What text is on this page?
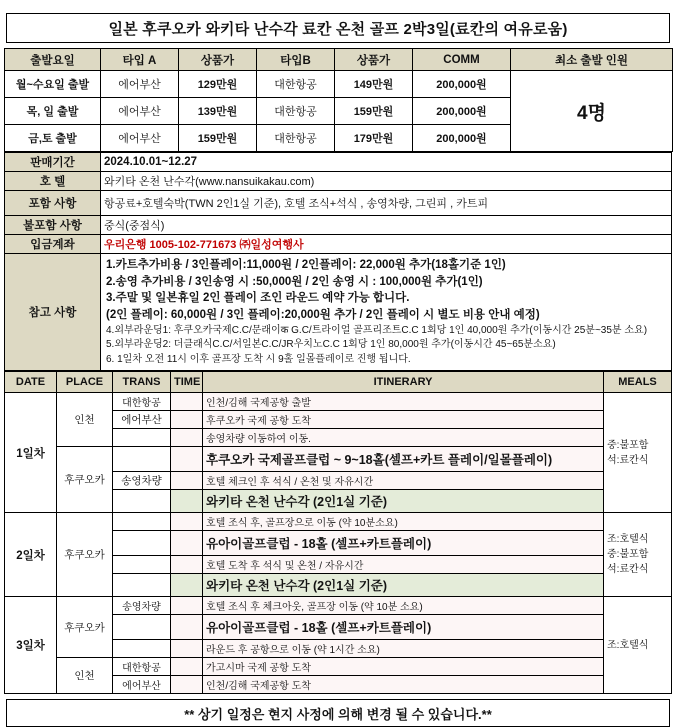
일본 후쿠오카 와키타 난수각 료칸 온천 골프 2박3일(료칸의 여유로움)
출발요일	타입 A	상품가	타입B	상품가	COMM	최소 출발 인원
월~수요일 출발	에어부산	129만원	대한항공	149만원	200,000원	4명
목, 일 출발	에어부산	139만원	대한항공	159만원	200,000원	
금,토 출발	에어부산	159만원	대한항공	179만원	200,000원	
판매기간	2024.10.01~12.27
호 텔	와키타 온천 난수각(www.nansuikakau.com)
포함 사항	항공료+호텔숙박(TWN 2인1실 기준), 호텔 조식+석식 , 송영차량, 그린피 , 카트피
불포함 사항	중식(중점식)
입금계좌	우리은행 1005-102-771673 ㈜일성여행사
참고 사항	
1.카트추가비용 / 3인플레이:11,000원 / 2인플레이: 22,000원 추가(18홀기준 1인)
2.송영 추가비용 / 3인송영 시 :50,000원 / 2인 송영 시 : 100,000원 추가(1인)
3.주말 및 일본휴일 2인 플레이 조인 라운드 예약 가능 합니다.
(2인 플레이: 60,000원 / 3인 플레이:20,000원 추가 / 2인 플레이 시 별도 비용 안내 예정)
4.외부라운딩1: 후쿠오카국제C.C/문래이क G.C/트라이얼 골프리조트C.C 1회당 1인 40,000원 추가(이동시간 25분~35분 소요)
5.외부라운딩2: 더클래식C.C/서일본C.C/JR우치노C.C 1회당 1인 80,000원 추가(이동시간 45~65분소요)
6. 1일차 오전 11시 이후 골프장 도착 시 9홀 일몰플레이로 진행 됩니다.
DATE	PLACE	TRANS	TIME	ITINERARY	MEALS
1일차	인천	대한항공		인천/김해 국제공항 출발	중:불포함
석:료칸식

		에어부산		후쿠오카 국제 공항 도착	
				송영차량 이동하여 이동.	
	후쿠오카			후쿠오카 국제골프클럽 ~ 9~18홀(셀프+카트 플레이/일몰플레이)	
		송영차량		호텔 체크인 후 석식 / 온천 및 자유시간	
				와키타 온천 난수각 (2인1실 기준)	
2일차	후쿠오카			호텔 조식 후, 골프장으로 이동 (약 10분소요)	조:호텔식
중:불포함
석:료칸식

				유아이골프클럽 - 18홀 (셀프+카트플레이)	
				호텔 도착 후 석식 및 온천 / 자유시간	
				와키타 온천 난수각 (2인1실 기준)	
3일차	후쿠오카	송영차량		호텔 조식 후 체크아웃, 골프장 이동 (약 10분 소요)	조:호텔식

				유아이골프클럽 - 18홀 (셀프+카트플레이)	
				라운드 후 공항으로 이동 (약 1시간 소요)	
	인천	대한항공		가고시마 국제 공항 도착	
		에어부산		인천/김해 국제공항 도착	
** 상기 일정은 현지 사정에 의해 변경 될 수 있습니다.**
